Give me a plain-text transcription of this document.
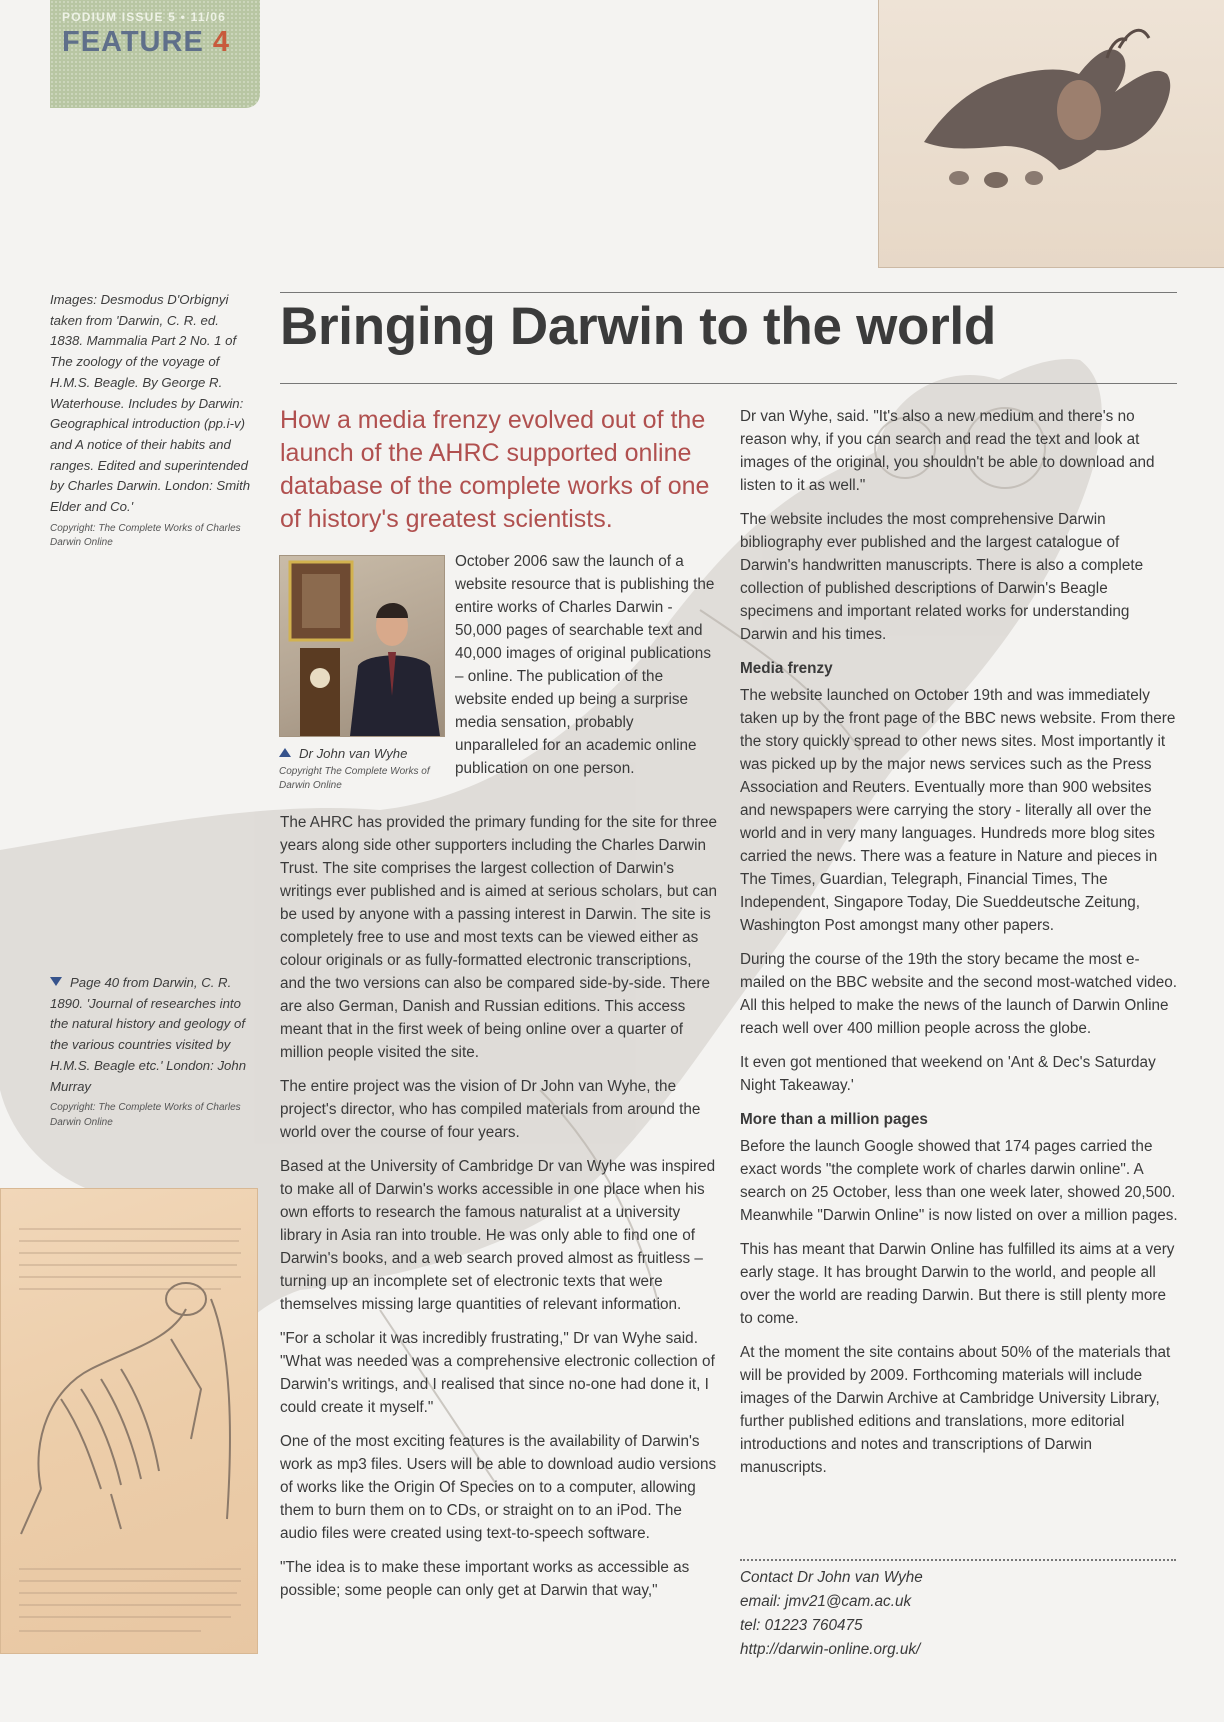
PODIUM ISSUE 5 • 11/06
FEATURE 4
Images: Desmodus D'Orbignyi taken from 'Darwin, C. R. ed. 1838. Mammalia Part 2 No. 1 of The zoology of the voyage of H.M.S. Beagle. By George R. Waterhouse. Includes by Darwin: Geographical introduction (pp.i-v) and A notice of their habits and ranges. Edited and superintended by Charles Darwin. London: Smith Elder and Co.'
Copyright: The Complete Works of Charles Darwin Online
Page 40 from Darwin, C. R. 1890. 'Journal of researches into the natural history and geology of the various countries visited by H.M.S. Beagle etc.' London: John Murray
Copyright: The Complete Works of Charles Darwin Online
Bringing Darwin to the world
How a media frenzy evolved out of the launch of the AHRC supported online database of the complete works of one of history's greatest scientists.
Dr John van Wyhe
Copyright The Complete Works of Darwin Online
October 2006 saw the launch of a website resource that is publishing the entire works of Charles Darwin - 50,000 pages of searchable text and 40,000 images of original publications – online. The publication of the website ended up being a surprise media sensation, probably unparalleled for an academic online publication on one person.

The AHRC has provided the primary funding for the site for three years along side other supporters including the Charles Darwin Trust. The site comprises the largest collection of Darwin's writings ever published and is aimed at serious scholars, but can be used by anyone with a passing interest in Darwin. The site is completely free to use and most texts can be viewed either as colour originals or as fully-formatted electronic transcriptions, and the two versions can also be compared side-by-side. There are also German, Danish and Russian editions. This access meant that in the first week of being online over a quarter of million people visited the site.

The entire project was the vision of Dr John van Wyhe, the project's director, who has compiled materials from around the world over the course of four years.

Based at the University of Cambridge Dr van Wyhe was inspired to make all of Darwin's works accessible in one place when his own efforts to research the famous naturalist at a university library in Asia ran into trouble. He was only able to find one of Darwin's books, and a web search proved almost as fruitless – turning up an incomplete set of electronic texts that were themselves missing large quantities of relevant information.

"For a scholar it was incredibly frustrating," Dr van Wyhe said. "What was needed was a comprehensive electronic collection of Darwin's writings, and I realised that since no-one had done it, I could create it myself."

One of the most exciting features is the availability of Darwin's work as mp3 files. Users will be able to download audio versions of works like the Origin Of Species on to a computer, allowing them to burn them on to CDs, or straight on to an iPod. The audio files were created using text-to-speech software.

"The idea is to make these important works as accessible as possible; some people can only get at Darwin that way,"

Dr van Wyhe, said. "It's also a new medium and there's no reason why, if you can search and read the text and look at images of the original, you shouldn't be able to download and listen to it as well."

The website includes the most comprehensive Darwin bibliography ever published and the largest catalogue of Darwin's handwritten manuscripts. There is also a complete collection of published descriptions of Darwin's Beagle specimens and important related works for understanding Darwin and his times.

Media frenzy

The website launched on October 19th and was immediately taken up by the front page of the BBC news website. From there the story quickly spread to other news sites. Most importantly it was picked up by the major news services such as the Press Association and Reuters. Eventually more than 900 websites and newspapers were carrying the story - literally all over the world and in very many languages. Hundreds more blog sites carried the news. There was a feature in Nature and pieces in The Times, Guardian, Telegraph, Financial Times, The Independent, Singapore Today, Die Sueddeutsche Zeitung, Washington Post amongst many other papers.

During the course of the 19th the story became the most e-mailed on the BBC website and the second most-watched video. All this helped to make the news of the launch of Darwin Online reach well over 400 million people across the globe.

It even got mentioned that weekend on 'Ant & Dec's Saturday Night Takeaway.'

More than a million pages

Before the launch Google showed that 174 pages carried the exact words "the complete work of charles darwin online". A search on 25 October, less than one week later, showed 20,500. Meanwhile "Darwin Online" is now listed on over a million pages.

This has meant that Darwin Online has fulfilled its aims at a very early stage. It has brought Darwin to the world, and people all over the world are reading Darwin. But there is still plenty more to come.

At the moment the site contains about 50% of the materials that will be provided by 2009. Forthcoming materials will include images of the Darwin Archive at Cambridge University Library, further published editions and translations, more editorial introductions and notes and transcriptions of Darwin manuscripts.

Contact Dr John van Wyhe
email: jmv21@cam.ac.uk
tel: 01223 760475
http://darwin-online.org.uk/
